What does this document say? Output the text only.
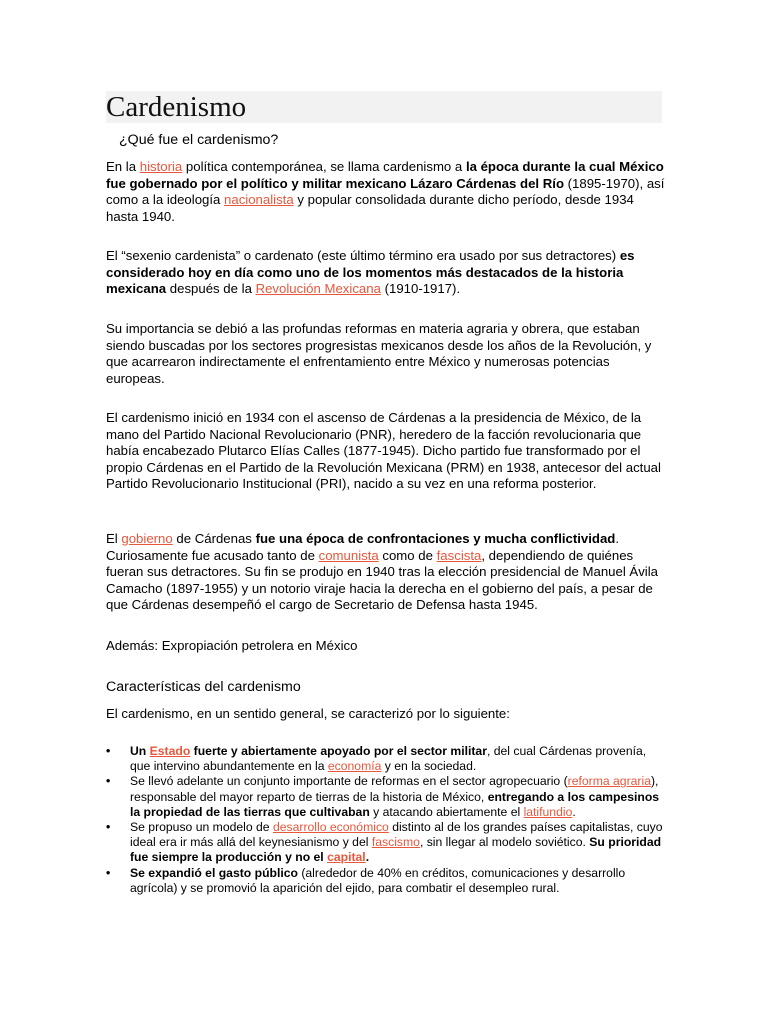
Cardenismo
¿Qué fue el cardenismo?

En la historia política contemporánea, se llama cardenismo a la época durante la cual México fue gobernado por el político y militar mexicano Lázaro Cárdenas del Río (1895-1970), así como a la ideología nacionalista y popular consolidada durante dicho período, desde 1934 hasta 1940.

El “sexenio cardenista” o cardenato (este último término era usado por sus detractores) es considerado hoy en día como uno de los momentos más destacados de la historia mexicana después de la Revolución Mexicana (1910-1917).

Su importancia se debió a las profundas reformas en materia agraria y obrera, que estaban siendo buscadas por los sectores progresistas mexicanos desde los años de la Revolución, y que acarrearon indirectamente el enfrentamiento entre México y numerosas potencias europeas.

El cardenismo inició en 1934 con el ascenso de Cárdenas a la presidencia de México, de la mano del Partido Nacional Revolucionario (PNR), heredero de la facción revolucionaria que había encabezado Plutarco Elías Calles (1877-1945). Dicho partido fue transformado por el propio Cárdenas en el Partido de la Revolución Mexicana (PRM) en 1938, antecesor del actual Partido Revolucionario Institucional (PRI), nacido a su vez en una reforma posterior.

El gobierno de Cárdenas fue una época de confrontaciones y mucha conflictividad. Curiosamente fue acusado tanto de comunista como de fascista, dependiendo de quiénes fueran sus detractores. Su fin se produjo en 1940 tras la elección presidencial de Manuel Ávila Camacho (1897-1955) y un notorio viraje hacia la derecha en el gobierno del país, a pesar de que Cárdenas desempeñó el cargo de Secretario de Defensa hasta 1945.

Además: Expropiación petrolera en México

Características del cardenismo

El cardenismo, en un sentido general, se caracterizó por lo siguiente:

• Un Estado fuerte y abiertamente apoyado por el sector militar, del cual Cárdenas provenía, que intervino abundantemente en la economía y en la sociedad.
• Se llevó adelante un conjunto importante de reformas en el sector agropecuario (reforma agraria), responsable del mayor reparto de tierras de la historia de México, entregando a los campesinos la propiedad de las tierras que cultivaban y atacando abiertamente el latifundio.
• Se propuso un modelo de desarrollo económico distinto al de los grandes países capitalistas, cuyo ideal era ir más allá del keynesianismo y del fascismo, sin llegar al modelo soviético. Su prioridad fue siempre la producción y no el capital.
• Se expandió el gasto público (alrededor de 40% en créditos, comunicaciones y desarrollo agrícola) y se promovió la aparición del ejido, para combatir el desempleo rural.
